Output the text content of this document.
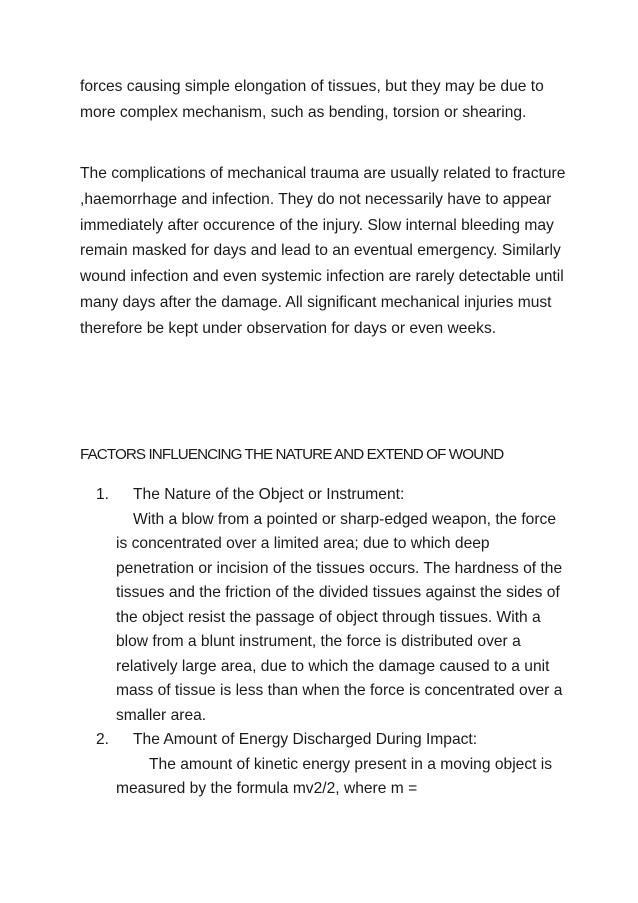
forces causing simple elongation of tissues, but they may be due to more complex mechanism, such as bending, torsion or shearing.

The complications of mechanical trauma are usually related to fracture ,haemorrhage and infection. They do not necessarily have to appear immediately after occurence of the injury. Slow internal bleeding may remain masked for days and lead to an eventual emergency. Similarly wound infection and even systemic infection are rarely detectable until many days after the damage. All significant mechanical injuries must therefore be kept under observation for days or even weeks.

FACTORS INFLUENCING THE NATURE AND EXTEND OF WOUND

1.	The Nature of the Object or Instrument:
With a blow from a pointed or sharp-edged weapon, the force is concentrated over a limited area; due to which deep penetration or incision of the tissues occurs. The hardness of the tissues and the friction of the divided tissues against the sides of the object resist the passage of object through tissues. With a blow from a blunt instrument, the force is distributed over a relatively large area, due to which the damage caused to a unit mass of tissue is less than when the force is concentrated over a smaller area.
2.	The Amount of Energy Discharged During Impact:
The amount of kinetic energy present in a moving object is measured by the formula mv2/2, where m =
